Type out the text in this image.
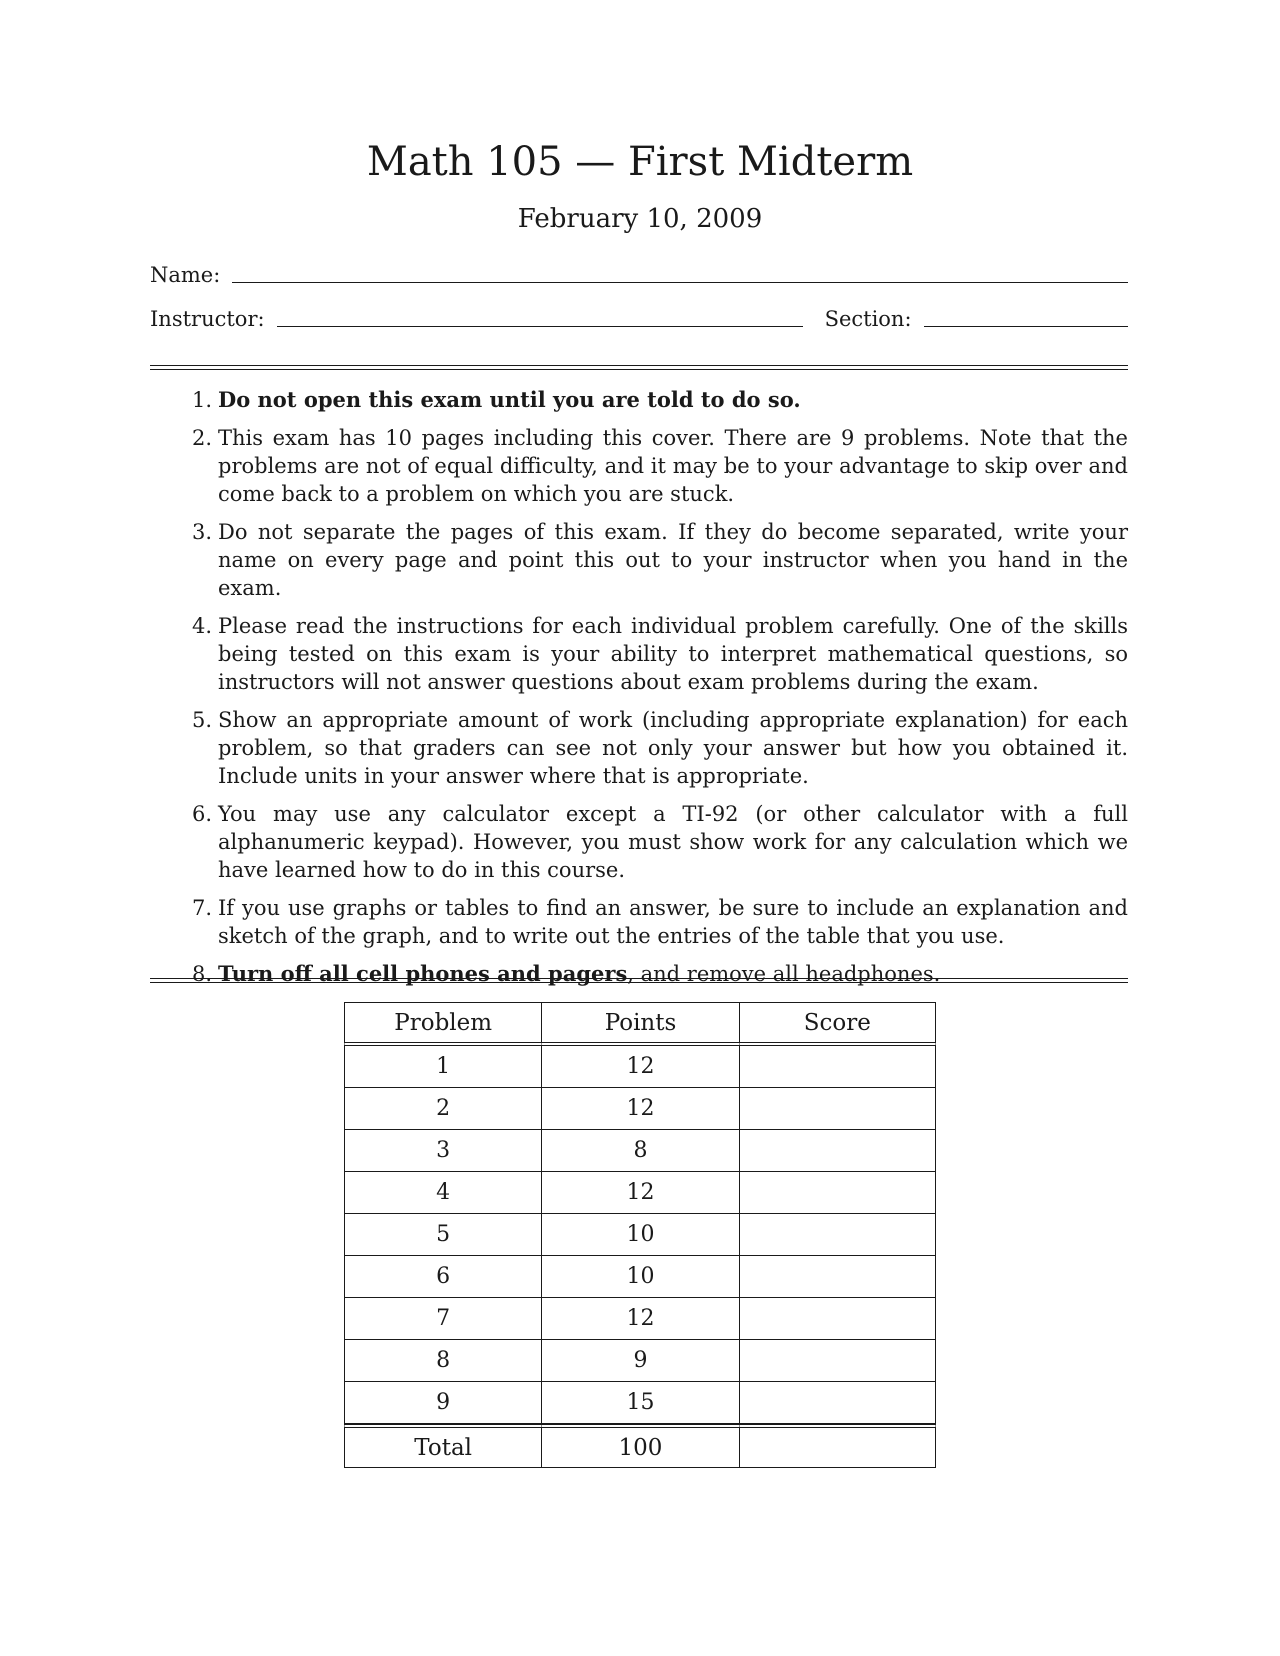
Math 105 — First Midterm
February 10, 2009
Name:
Instructor:	Section:
1. Do not open this exam until you are told to do so.
2. This exam has 10 pages including this cover. There are 9 problems. Note that the problems are not of equal difficulty, and it may be to your advantage to skip over and come back to a problem on which you are stuck.
3. Do not separate the pages of this exam. If they do become separated, write your name on every page and point this out to your instructor when you hand in the exam.
4. Please read the instructions for each individual problem carefully. One of the skills being tested on this exam is your ability to interpret mathematical questions, so instructors will not answer questions about exam problems during the exam.
5. Show an appropriate amount of work (including appropriate explanation) for each problem, so that graders can see not only your answer but how you obtained it. Include units in your answer where that is appropriate.
6. You may use any calculator except a TI-92 (or other calculator with a full alphanumeric keypad). However, you must show work for any calculation which we have learned how to do in this course.
7. If you use graphs or tables to find an answer, be sure to include an explanation and sketch of the graph, and to write out the entries of the table that you use.
8. Turn off all cell phones and pagers, and remove all headphones.
Problem	Points	Score
1	12	
2	12	
3	8	
4	12	
5	10	
6	10	
7	12	
8	9	
9	15	
Total	100	
